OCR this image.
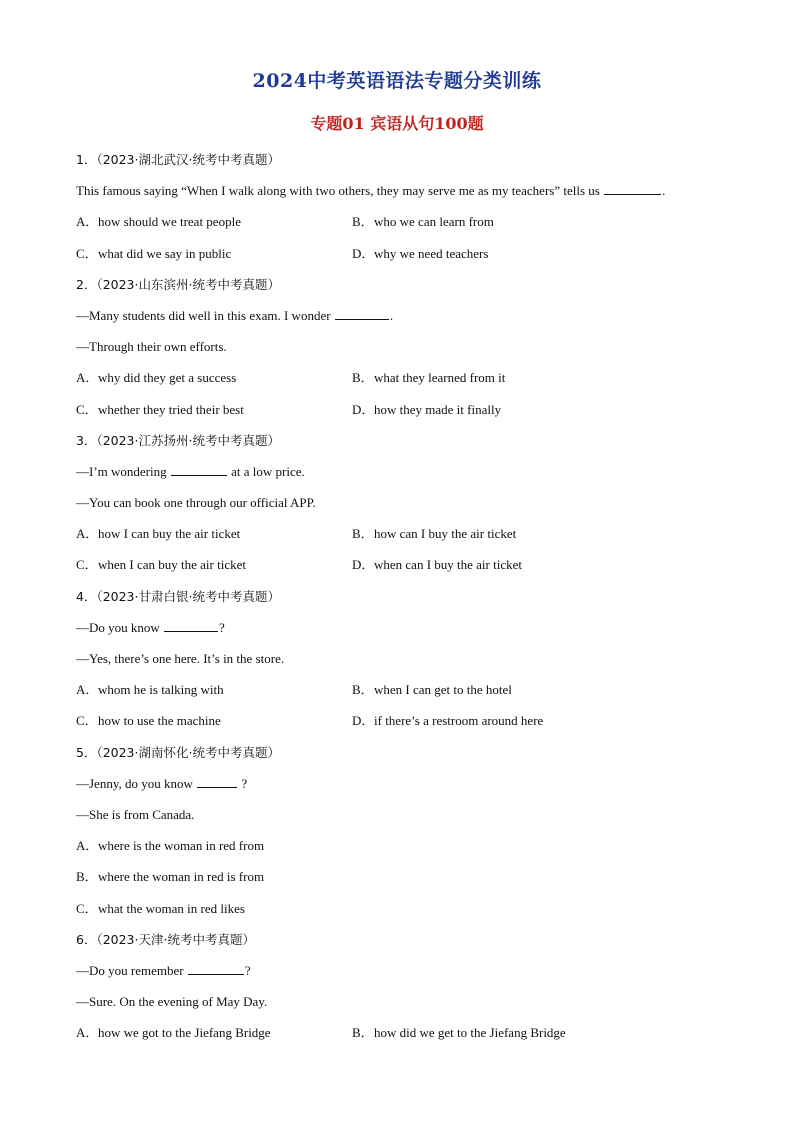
2024中考英语语法专题分类训练
专题01 宾语从句100题
1．（2023·湖北武汉·统考中考真题）
This famous saying “When I walk along with two others, they may serve me as my teachers” tells us	.
A． how should we treat people	B． who we can learn from
C． what did we say in public	D． why we need teachers
2．（2023·山东滨州·统考中考真题）
—Many students did well in this exam. I wonder	.
—Through their own efforts.
A． why did they get a success	B． what they learned from it
C． whether they tried their best	D． how they made it finally
3．（2023·江苏扬州·统考中考真题）
—I’m wondering	at a low price.
—You can book one through our official APP.
A． how I can buy the air ticket	B． how can I buy the air ticket
C． when I can buy the air ticket	D． when can I buy the air ticket
4．（2023·甘肃白银·统考中考真题）
—Do you know	?
—Yes, there’s one here. It’s in the store.
A． whom he is talking with	B． when I can get to the hotel
C． how to use the machine	D． if there’s a restroom around here
5．（2023·湖南怀化·统考中考真题）
—Jenny, do you know	?
—She is from Canada.
A．where is the woman in red from
B．where the woman in red is from
C．what the woman in red likes
6．（2023·天津·统考中考真题）
—Do you remember	?
—Sure. On the evening of May Day.
A． how we got to the Jiefang Bridge	B． how did we get to the Jiefang Bridge
